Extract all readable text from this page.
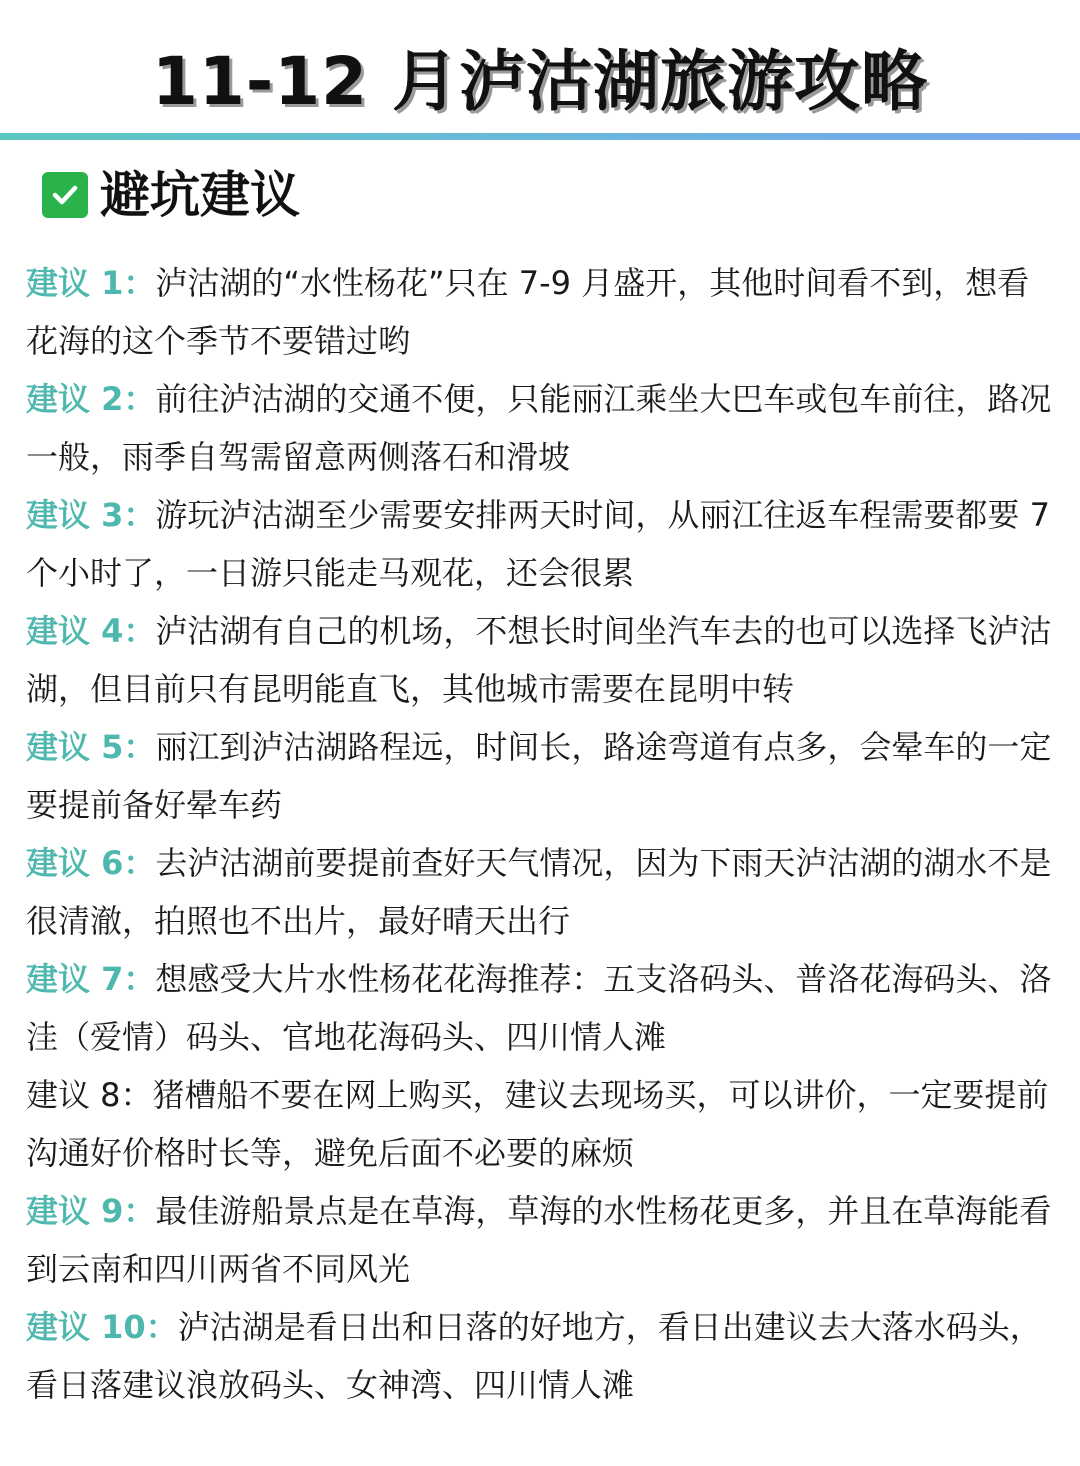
11-12 月泸沽湖旅游攻略
避坑建议

建议 1：泸沽湖的“水性杨花”只在 7-9 月盛开，其他时间看不到，想看花海的这个季节不要错过哟

建议 2：前往泸沽湖的交通不便，只能丽江乘坐大巴车或包车前往，路况一般，雨季自驾需留意两侧落石和滑坡

建议 3：游玩泸沽湖至少需要安排两天时间，从丽江往返车程需要都要 7 个小时了，一日游只能走马观花，还会很累

建议 4：泸沽湖有自己的机场，不想长时间坐汽车去的也可以选择飞泸沽湖，但目前只有昆明能直飞，其他城市需要在昆明中转

建议 5：丽江到泸沽湖路程远，时间长，路途弯道有点多，会晕车的一定要提前备好晕车药

建议 6：去泸沽湖前要提前查好天气情况，因为下雨天泸沽湖的湖水不是很清澈，拍照也不出片，最好晴天出行

建议 7：想感受大片水性杨花花海推荐：五支洛码头、普洛花海码头、洛洼（爱情）码头、官地花海码头、四川情人滩

建议 8：猪槽船不要在网上购买，建议去现场买，可以讲价，一定要提前沟通好价格时长等，避免后面不必要的麻烦

建议 9：最佳游船景点是在草海，草海的水性杨花更多，并且在草海能看到云南和四川两省不同风光

建议 10：泸沽湖是看日出和日落的好地方，看日出建议去大落水码头，看日落建议浪放码头、女神湾、四川情人滩
